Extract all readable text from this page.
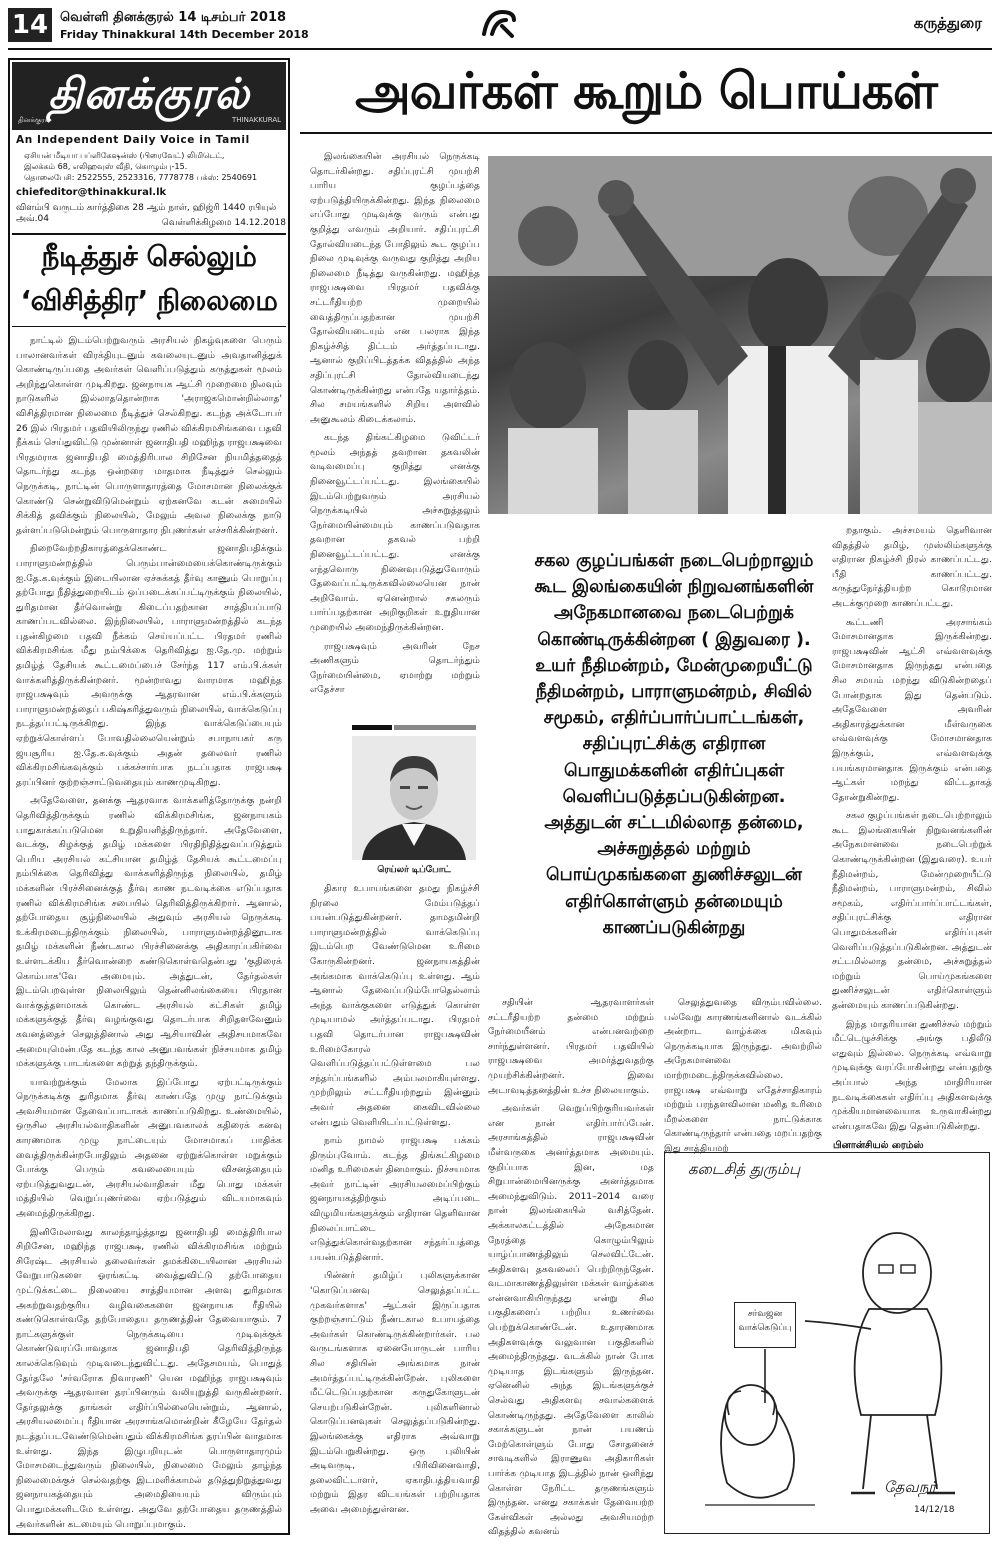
14 வெள்ளி தினக்குரல் 14 டிசம்பர் 2018
Friday Thinakkural 14th December 2018
கருத்துரை
தினக்குரல்
தினக்குரல்	THINAKKURAL
An Independent Daily Voice in Tamil
ஏசியன் மீடியா பப்ளிகேஷன்ஸ் (பிரைவேட்) லிமிடெட்,
இலக்கம் 68, எலிஹவுஸ் வீதி, கொழும்பு-15.
தொலைபேசி: 2522555, 2523316, 7778778 பக்ஸ்: 2540691
chiefeditor@thinakkural.lk
விளம்பி வருடம் கார்த்திகை 28 ஆம் நாள், ஹிஜ்ரி 1440 ரபியுல் அவ்.04	வெள்ளிக்கிழமை 14.12.2018
நீடித்துச் செல்லும்
‘விசித்திர’ நிலைமை

நாட்டில் இடம்பெற்றுவரும் அரசியல் நிகழ்வுகளை பெரும் பாலானவர்கள் விரக்தியுடனும் கவலையுடனும் அவதானித்துக் கொண்டிருப்பதை அவர்கள் வெளிப்படுத்தும் கருத்துகள் மூலம் அறிந்துகொள்ள முடிகிறது. ஜனநாயக ஆட்சி முறைமை நிலவும் நாடுகளில் இல்லாததொன்றாக 'அராஜகமொன்றில்லாத' விசித்திரமான நிலைமை நீடித்துச் செல்கிறது. கடந்த அக்டோபர் 26 இல் பிரதமர் பதவியிலிருந்து ரணில் விக்கிரமசிங்கவை பதவி நீக்கம் செய்துவிட்டு முன்னாள் ஜனாதிபதி மஹிந்த ராஜபக்ஷவை பிரதமராக ஜனாதிபதி மைத்திரிபால சிறிசேன நியமித்ததைத் தொடர்ந்து கடந்த ஒன்றரை மாதமாக நீடித்துச் செல்லும் நெருக்கடி, நாட்டின் பொருளாதாரத்தை மோசமான நிலைக்குக் கொண்டு சென்றுவிடுமென்றும் ஏற்கனவே கடன் சுமையில் சிக்கித் தவிக்கும் நிலையில், மேலும் அவல நிலைக்கு நாடு தள்ளப்படுமென்றும் பொருளாதார நிபுணர்கள் எச்சரிக்கின்றனர்.

நிறைவேற்றதிகாரத்தைக்கொண்ட ஜனாதிபதிக்கும் பாராளுமன்றத்தில் பெரும்பான்மையைக்கொண்டிருக்கும் ஐ.தே.க.வுக்கும் இடையிலான ஏச்சுக்கத் தீர்வு காணும் பொறுப்பு தற்போது நீதித்துறையிடம் ஒப்படைக்கப்பட்டிருக்கும் நிலையில், துரிதமான தீர்வொன்று கிடைப்பதற்கான சாத்தியப்பாடு காணப்படவில்லை. இந்நிலையில், பாராளுமன்றத்தில் கடந்த புதன்கிழமை பதவி நீக்கம் செய்யப்பட்ட பிரதமர் ரணில் விக்கிரமசிங்க மீது நம்பிக்கை தெரிவித்து ஐ.தே.மு. மற்றும் தமிழ்த் தேசியக் கூட்டமைப்பைச் சேர்ந்த 117 எம்.பி.க்கள் வாக்களித்திருக்கின்றனர். மூன்றாவது வாரமாக மஹிந்த ராஜபக்ஷவும் அவருக்கு ஆதரவான எம்.பி.க்களும் பாராளுமன்றத்தைப் பகிஷ்கரித்துவரும் நிலையில், வாக்கெடுப்பு நடத்தப்பட்டிருக்கிறது. இந்த வாக்கெடுப்பையும் ஏற்றுக்கொள்ளப் போவதில்லையென்றும் சபாநாயகர் கரு ஜயசூரிய ஐ.தே.க.வுக்கும் அதன் தலைவர் ரணில் விக்கிரமசிங்கவுக்கும் பக்கச்சார்பாக நடப்பதாக ராஜபக்ஷ தரப்பினர் குற்றஞ்சாட்டுவதையும் காணமுடிகிறது.

அதேவேளை, தனக்கு ஆதரவாக வாக்களித்தோருக்கு நன்றி தெரிவித்திருக்கும் ரணில் விக்கிரமசிங்க, ஜனநாயகம் பாதுகாக்கப்படுமென உறுதியளித்திருந்தார். அதேவேளை, வடக்கு, கிழக்குத் தமிழ் மக்களை பிரதிநிதித்துவப்படுத்தும் பெரிய அரசியல் கட்சியான தமிழ்த் தேசியக் கூட்டமைப்பு நம்பிக்கை தெரிவித்து வாக்களித்திருந்த நிலையில், தமிழ் மக்களின் பிரச்சினைக்குத் தீர்வு காண நடவடிக்கை எடுப்பதாக ரணில் விக்கிரமசிங்க சபையில் தெரிவித்திருக்கிறார். ஆனால், தற்போதைய சூழ்நிலையில் அதுவும் அரசியல் நெருக்கடி உக்கிரமடைந்திருக்கும் நிலையில், பாராளுமன்றத்தினூடாக தமிழ் மக்களின் நீண்டகால பிரச்சினைக்கு அதிகாரப்பகிர்வை உள்ளடக்கிய தீர்வொன்றை கண்டுகொள்வதென்பது 'குதிரைக் கொம்பாக'வே அமையும். அத்துடன், தேர்தல்கள் இடம்பெறவுள்ள நிலையிலும் தென்னிலங்கையை பிரதான வாக்குத்தளமாகக் கொண்ட அரசியல் கட்சிகள் தமிழ் மக்களுக்குத் தீர்வு வழங்குவது தொடர்பாக சிறிதளவேனும் கவனத்தைச் செலுத்தினால் அது ஆசியாவின் அதிசயமாகவே அமையுமென்பதே கடந்த கால அனுபவங்கள் நிச்சயமாக தமிழ் மக்களுக்கு பாடங்களை கற்றுத் தந்திருக்கும்.

யாவற்றுக்கும் மேலாக இப்போது ஏற்பட்டிருக்கும் நெருக்கடிக்கு துரிதமாக தீர்வு காண்பதே முழு நாட்டுக்கும் அவசியமான தேவைப்பாடாகக் காணப்படுகிறது. உண்மையில், ஒருசில அரசியல்வாதிகளின் அனுபவகாலக் கதிரைக் கனவு காரணமாக முழு நாட்டையும் மோசமாகப் பாதிக்க வைத்திருக்கின்றபோதிலும் அதனை ஏற்றுக்கொள்ள மறுக்கும் போக்கு பெரும் கவலையையும் விசனத்தையும் ஏற்படுத்துவதுடன், அரசியல்வாதிகள் மீது பொது மக்கள் மத்தியில் வெறுப்புணர்வை ஏற்படுத்தும் விடயமாகவும் அமைந்திருக்கிறது.

இனிமேலாவது காலந்தாழ்த்தாது ஜனாதிபதி மைத்திரிபால சிறிசேன, மஹிந்த ராஜபக்ஷ, ரணில் விக்கிரமசிங்க மற்றும் சிரேஷ்ட அரசியல் தலைவர்கள் தமக்கிடையிலான அரசியல் வேறுபாடுகளை ஓரங்கட்டி வைத்துவிட்டு தற்போதைய முட்டுக்கட்டை நிலையை சாத்தியமான அளவு துரிதமாக அகற்றுவதற்குரிய வழிவகைகளை ஜனநாயக ரீதியில் கண்டுகொள்வதே தற்போதைய தருணத்தின் தேவையாகும். 7 நாட்களுக்குள் நெருக்கடியை முடிவுக்குக் கொண்டுவரப்போவதாக ஜனாதிபதி தெரிவித்திருந்த காலக்கெடுவும் முடிவடைந்துவிட்டது. அதேசமயம், பொதுத் தேர்தலே 'சர்வரோக நிவாரணி' யென மஹிந்த ராஜபக்ஷவும் அவருக்கு ஆதரவான தரப்பினரும் வலியுறுத்தி வருகின்றனர். தேர்தலுக்கு தாங்கள் எதிர்ப்பில்லையென்றும், ஆனால், அரசியலமைப்பு ரீதியான அரசாங்கமொன்றின் கீழேயே தேர்தல் நடத்தப்படவேண்டுமென்பதும் விக்கிரமசிங்க தரப்பின் வாதமாக உள்ளது. இந்த இழுபறியுடன் பொருளாதாரமும் மோசமடைந்துவரும் நிலையில், நிலைமை மேலும் தாழ்ந்த நிலைமைக்குச் செல்வதற்கு இடமளிக்காமல் தடுத்துநிறுத்துவது ஜனநாயகத்தையும் அமைதியையும் விரும்பும் பொதுமக்களிடமே உள்ளது. அதுவே தற்போதைய தருணத்தில் அவர்களின் கடமையும் பொறுப்புமாகும்.

அவர்கள் கூறும் பொய்கள்

இலங்கையின் அரசியல் நெருக்கடி தொடர்கின்றது. சதிப்புரட்சி முயற்சி பாரிய குழப்பத்தை ஏற்படுத்தியிருக்கின்றது. இந்த நிலைமை எப்போது முடிவுக்கு வரும் என்பது குறித்து எவரும் அறியார். சதிப்புரட்சி தோல்வியடைந்த போதிலும் கூட குழப்ப நிலை முடிவுக்கு வருவது குறித்து அறிய நிலைமை நீடித்து வருகின்றது. மஹிந்த ராஜபக்ஷவை பிரதமர் பதவிக்கு சட்டரீதியற்ற முறையில் வைத்திருப்பதற்கான முயற்சி தோல்வியடையும் என பலராக இந்த நிகழ்ச்சித் திட்டம் அர்த்தப்படாது. ஆனால் குறிப்பிடத்தக்க விதத்தில் அந்த சதிப்புரட்சி தோல்வியடைந்து கொண்டிருக்கின்றது என்பதே யதார்த்தம். சில சமயங்களில் சிறிய அளவில் அனுகூலம் கிடைக்கலாம்.

கடந்த திங்கட்கிழமை டுவிட்டர் மூலம் அந்தத் தவறான தகவலின் வடிவமைப்பு குறித்து எனக்கு நினைவூட்டப்பட்டது. இலங்கையில் இடம்பெற்றுவரும் அரசியல் நெருக்கடியில் அச்சுறுத்தலும் நேர்மையின்மையும் காணப்படுவதாக தவறான தகவல் பற்றி நினைவூட்டப்பட்டது. எனக்கு எந்தவொரு நினைவுபடுத்துவோரும் தேவைப்பட்டிருக்கவில்லையென நான் அறிவோம். ஏனென்றால் சகலரும் பார்ப்பதற்கான அறிகுறிகள் உறுதியான முறையில் அமைந்திருக்கின்றன.

ராஜபக்ஷவும் அவரின் நேச அணிகளும் தொடர்ந்தும் நேர்மையின்மை, ஏமாற்று மற்றும் எதேச்சா

சகல குழப்பங்கள் நடைபெற்றாலும் கூட இலங்கையின் நிறுவனங்களின் அநேகமானவை நடைபெற்றுக் கொண்டிருக்கின்றன ( இதுவரை ). உயர் நீதிமன்றம், மேன்முறையீட்டு நீதிமன்றம், பாராளுமன்றம், சிவில் சமூகம், எதிர்ப்பார்ப்பாட்டங்கள், சதிப்புரட்சிக்கு எதிரான பொதுமக்களின் எதிர்ப்புகள் வெளிப்படுத்தப்படுகின்றன. அத்துடன் சட்டமில்லாத தன்மை, அச்சுறுத்தல் மற்றும் பொய்முகங்களை துணிச்சலுடன் எதிர்கொள்ளும் தன்மையும் காணப்படுகின்றது
ரெய்லர் டிப்போட்

திகார உபாயங்களை தமது நிகழ்ச்சி நிரலை மேம்படுத்தப் பயன்படுத்துகின்றனர். தாமதமின்றி பாராளுமன்றத்தில் வாக்கெடுப்பு இடம்பெற வேண்டுமென உரிமை கோருகின்றனர். ஜனநாயகத்தின் அங்கமாக வாக்கெடுப்பு உள்ளது. ஆம் ஆனால் தேவைப்படும்போதெல்லாம் அந்த வாக்குகளை எடுத்துக் கொள்ள முடியாமல் அர்த்தப்படாது. பிரதமர் பதவி தொடர்பான ராஜபக்ஷவின் உரிமைகோரல் வெளிப்படுத்தப்பட்டுள்ளமை பல சந்தர்ப்பங்களில் அம்பலமாகியுள்ளது. முற்றிலும் சட்டரீதியற்றதும் இன்னும் அவர் அதனை கைவிடவில்லை என்பதும் வெளியிடப்பட்டுள்ளது.

நாம் நாமல் ராஜபக்ஷ பக்கம் திரும்புவோம். கடந்த திங்கட்கிழமை மனித உரிமைகள் தினமாகும். நிச்சயமாக அவர் நாட்டின் அரசியலமைப்பிற்கும் ஜனநாயகத்திற்கும் அடிப்படை விழுமியங்களுக்கும் எதிரான தெளிவான நிலைப்பாட்டை எடுத்துக்கொள்வதற்கான சந்தர்ப்பத்தை பயன்படுத்தினார்.

பின்னர் தமிழ்ப் புலிகளுக்கான 'கொடுப்பனவு செலுத்தப்பட்ட முகவர்களாக' ஆட்கள் இருப்பதாக குற்றஞ்சாட்டும் நீண்டகால உபாயத்தை அவர்கள் கொண்டிருக்கின்றார்கள். பல வருடங்களாக ஏனையோருடன் பாரிய சில சதியின் அங்கமாக நான் அமர்த்தப்பட்டிருக்கின்றேன். புலிகளை மீட்டெடுப்பதற்கான கருதுகோளுடன் செயற்படுகின்றேன். புலிகளினால் கொடுப்பனவுகள் செலுத்தப்படுகின்றது. இலங்கைக்கு எதிராக அவ்வாறு இடம்பெறுகின்றது. ஒரு புலியின் அடிவருடி, பிரிவினைவாதி, தலைவிட்டாளர், ஏகாதிபத்தியவாதி மற்றும் இதர விடயங்கள் பற்றியதாக அவை அமைந்துள்ளன.

சதியின் ஆதரவாளர்கள் சட்டரீதியற்ற தன்மை மற்றும் நேர்மையீனம் என்பனவற்றை சார்ந்துள்ளனர். பிரதமர் பதவியில் ராஜபக்ஷவை அமர்த்துவதற்கு முயற்சிக்கின்றனர். இவை அடாவடித்தனத்தின் உச்ச நிலையாகும்.

அவர்கள் வெறுப்பிற்குரியவர்கள் என நான் எதிர்பார்ப்பேன். அரசாங்கத்தில் ராஜபக்ஷவின் மீள்வருகை அனர்த்தமாக அமையும். குறிப்பாக இன, மத சிறுபான்மையினருக்கு அனர்த்தமாக அமைந்துவிடும். 2011–2014 வரை நான் இலங்கையில் வசித்தேன். அக்காலகட்டத்தில் அநேகமான நேரத்தை கொழும்பிலும் யாழ்ப்பாணத்திலும் செலவிட்டேன். அதிகளவு தகவலைப் பெற்றிருந்தேன். வடமாகாணத்திலுள்ள மக்கள் வாழ்க்கை என்னவாகியிருந்தது என்று சில பகுதிகளைப் பற்றிய உணர்வை பெற்றுக்கொண்டேன். உதாரணமாக அதிகளவுக்கு வலுவான பகுதிகளில் அமைந்திருந்தது. வடக்கில் நான் போக முடியாத இடங்களும் இருந்தன. ஏனெனில் அந்த இடங்களுக்குச் செல்வது அதிகளவு சவால்களைக் கொண்டிருந்தது. அதேவேளை காலில் சகாக்களுடன் நான் பயணம் மேற்கொள்ளும் போது சோதனைச் சாவடிகளில் இராணுவ அதிகாரிகள் பார்க்க முடியாத இடத்தில் நான் ஒளிந்து கொள்ள நேரிட்ட தருணங்களும் இருந்தன. எனது சகாக்கள் தேவையற்ற கேள்விகள் அல்லது அவசியமற்ற விதத்தில் கவனம்

செலுத்துவதை விரும்பவில்லை. பல்வேறு காரணங்களினால் வடக்கில் அன்றாட வாழ்க்கை மிகவும் நெருக்கடியாக இருந்தது. அவற்றில் அநேகமானவை மாற்றமடைந்திருக்கவில்லை. ராஜபக்ஷ எவ்வாறு எதேச்சாதிகாரம் மற்றும் பரந்தளவிலான மனித உரிமை மீறல்களை நாட்டுக்காக கொண்டிருந்தார் என்பதை மறப்பதற்கு இது சாத்தியமற்

றதாகும். அச்சமயம் தெளிவான விதத்தில் தமிழ், முஸ்லிம்களுக்கு எதிரான நிகழ்ச்சி நிரல் காணப்பட்டது. பீதி காணப்பட்டது. கருத்துநேர்த்தியற்ற கொடூரமான அடக்குமுறை காணப்பட்டது.

கூட்டணி அரசாங்கம் மோசமானதாக இருக்கின்றது. ராஜபக்ஷவின் ஆட்சி எவ்வளவுக்கு மோசமானதாக இருந்தது என்பதை சில சமயம் மறந்து விடுகின்றதைப் போன்றதாக இது தென்படும். அதேவேளை அவரின் அதிகாரத்துக்கான மீள்வருகை எவ்வளவுக்கு மோசமானதாக இருக்கும், எவ்வளவுக்கு பயங்கரமானதாக இருக்கும் என்பதை ஆட்கள் மறந்து விட்டதாகத் தோன்றுகின்றது.

சகல குழப்பங்கள் நடைபெற்றாலும் கூட இலங்கையின் நிறுவனங்களின் அநேகமானவை நடைபெற்றுக் கொண்டிருக்கின்றன (இதுவரை). உயர் நீதிமன்றம், மேன்முறையீட்டு நீதிமன்றம், பாராளுமன்றம், சிவில் சமூகம், எதிர்ப்பார்ப்பாட்டங்கள், சதிப்புரட்சிக்கு எதிரான பொதுமக்களின் எதிர்ப்புகள் வெளிப்படுத்தப்படுகின்றன. அத்துடன் சட்டமில்லாத தன்மை, அச்சுறுத்தல் மற்றும் பொய்முகங்களை துணிச்சலுடன் எதிர்கொள்ளும் தன்மையும் காணப்படுகின்றது.

இந்த மாதரியான துணிச்சல் மற்றும் மீட்டெழுச்சிக்கு அங்கு பதிலீடு எதுவும் இல்லை. நெருக்கடி எவ்வாறு முடிவுக்கு வரப்போகின்றது என்பதற்கு அப்பால் அந்த மாதிரியான நடவடிக்கைகள் எதிர்ப்பு அதிகளவுக்கு முக்கியமானவையாக உருவாகின்றது என்பதாகவே இது தென்படுகின்றது.

பினான்சியல் ரைம்ஸ்
கடைசித் துரும்பு
சர்வஜன
வாக்கெடுப்பு
தேவநர்
14/12/18
